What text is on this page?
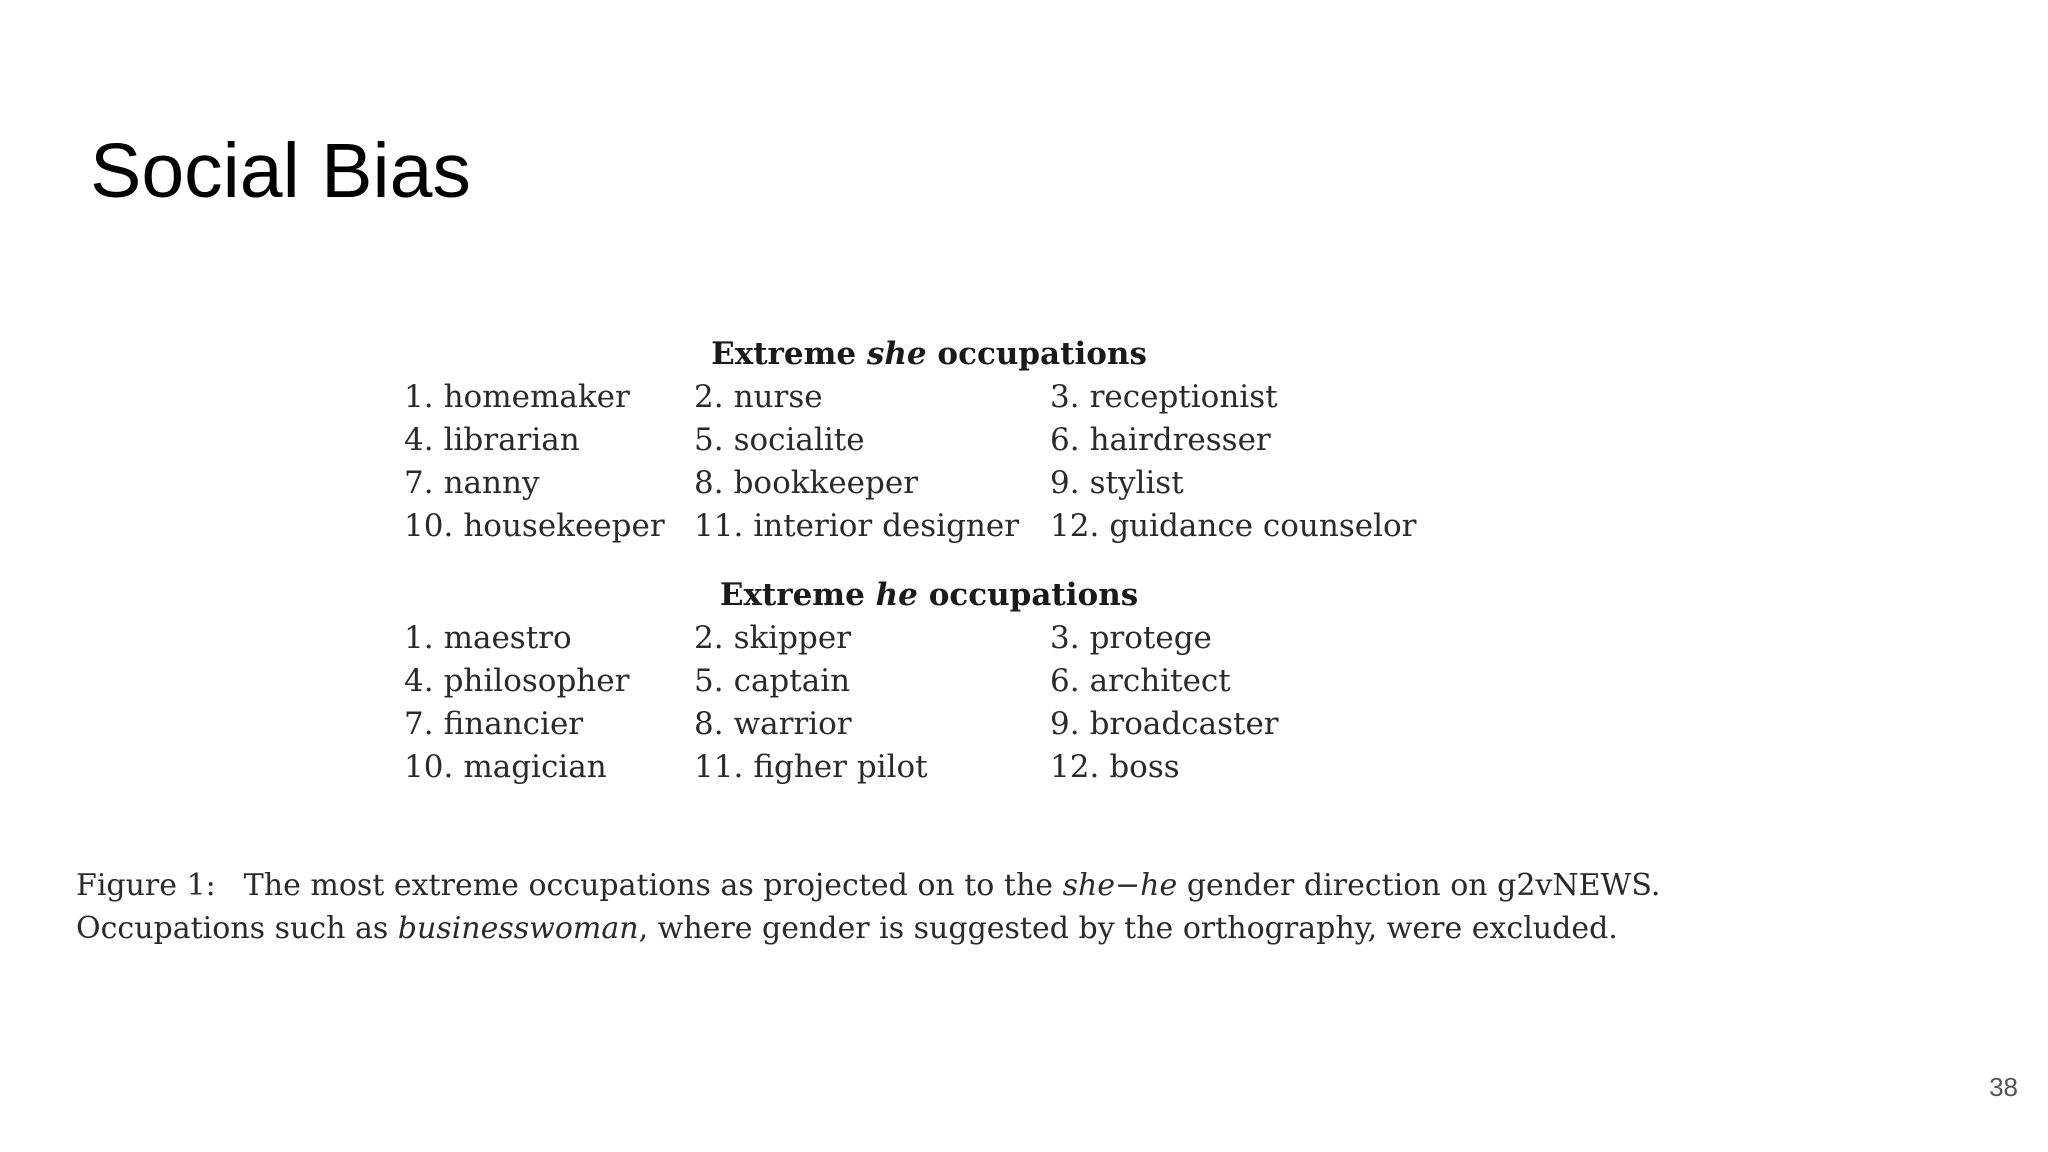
Social Bias
Extreme she occupations
1. homemaker	2. nurse	3. receptionist
4. librarian	5. socialite	6. hairdresser
7. nanny	8. bookkeeper	9. stylist
10. housekeeper 11. interior designer 12. guidance counselor
Extreme he occupations
1. maestro	2. skipper	3. protege
4. philosopher	5. captain	6. architect
7. financier	8. warrior	9. broadcaster
10. magician	11. figher pilot	12. boss

Figure 1: The most extreme occupations as projected on to the she−he gender direction on g2vNEWS.
Occupations such as businesswoman, where gender is suggested by the orthography, were excluded.

38
